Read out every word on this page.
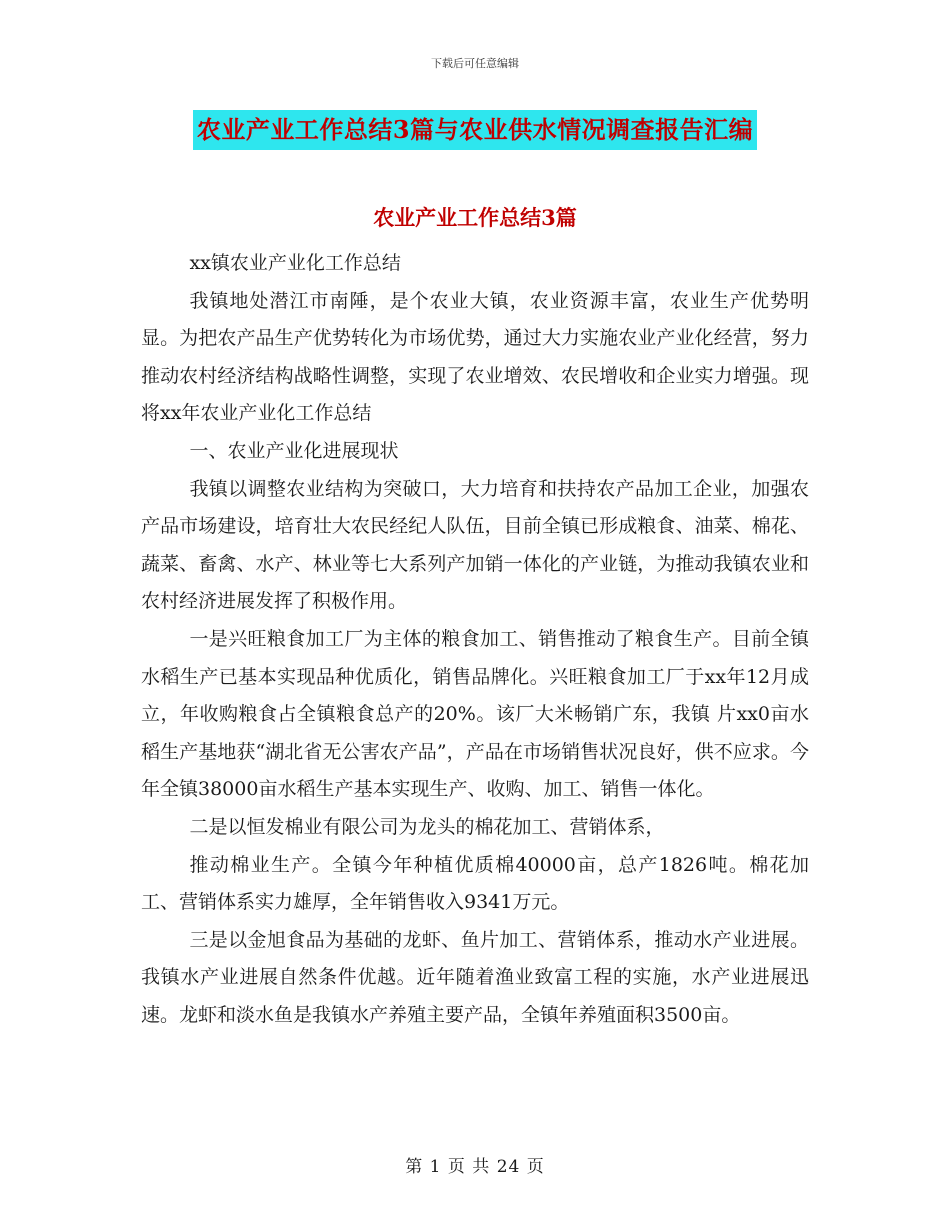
下载后可任意编辑
农业产业工作总结3篇与农业供水情况调查报告汇编
农业产业工作总结3篇

xx镇农业产业化工作总结

我镇地处潜江市南陲，是个农业大镇，农业资源丰富，农业生产优势明显。为把农产品生产优势转化为市场优势，通过大力实施农业产业化经营，努力推动农村经济结构战略性调整，实现了农业增效、农民增收和企业实力增强。现将xx年农业产业化工作总结

一、农业产业化进展现状

我镇以调整农业结构为突破口，大力培育和扶持农产品加工企业，加强农产品市场建设，培育壮大农民经纪人队伍，目前全镇已形成粮食、油菜、棉花、蔬菜、畜禽、水产、林业等七大系列产加销一体化的产业链，为推动我镇农业和农村经济进展发挥了积极作用。

一是兴旺粮食加工厂为主体的粮食加工、销售推动了粮食生产。目前全镇水稻生产已基本实现品种优质化，销售品牌化。兴旺粮食加工厂于xx年12月成立，年收购粮食占全镇粮食总产的20%。该厂大米畅销广东，我镇 片xx0亩水稻生产基地获“湖北省无公害农产品”，产品在市场销售状况良好，供不应求。今年全镇38000亩水稻生产基本实现生产、收购、加工、销售一体化。

二是以恒发棉业有限公司为龙头的棉花加工、营销体系，

推动棉业生产。全镇今年种植优质棉40000亩，总产1826吨。棉花加工、营销体系实力雄厚，全年销售收入9341万元。

三是以金旭食品为基础的龙虾、鱼片加工、营销体系，推动水产业进展。我镇水产业进展自然条件优越。近年随着渔业致富工程的实施，水产业进展迅速。龙虾和淡水鱼是我镇水产养殖主要产品，全镇年养殖面积3500亩。

第 1 页 共 24 页
